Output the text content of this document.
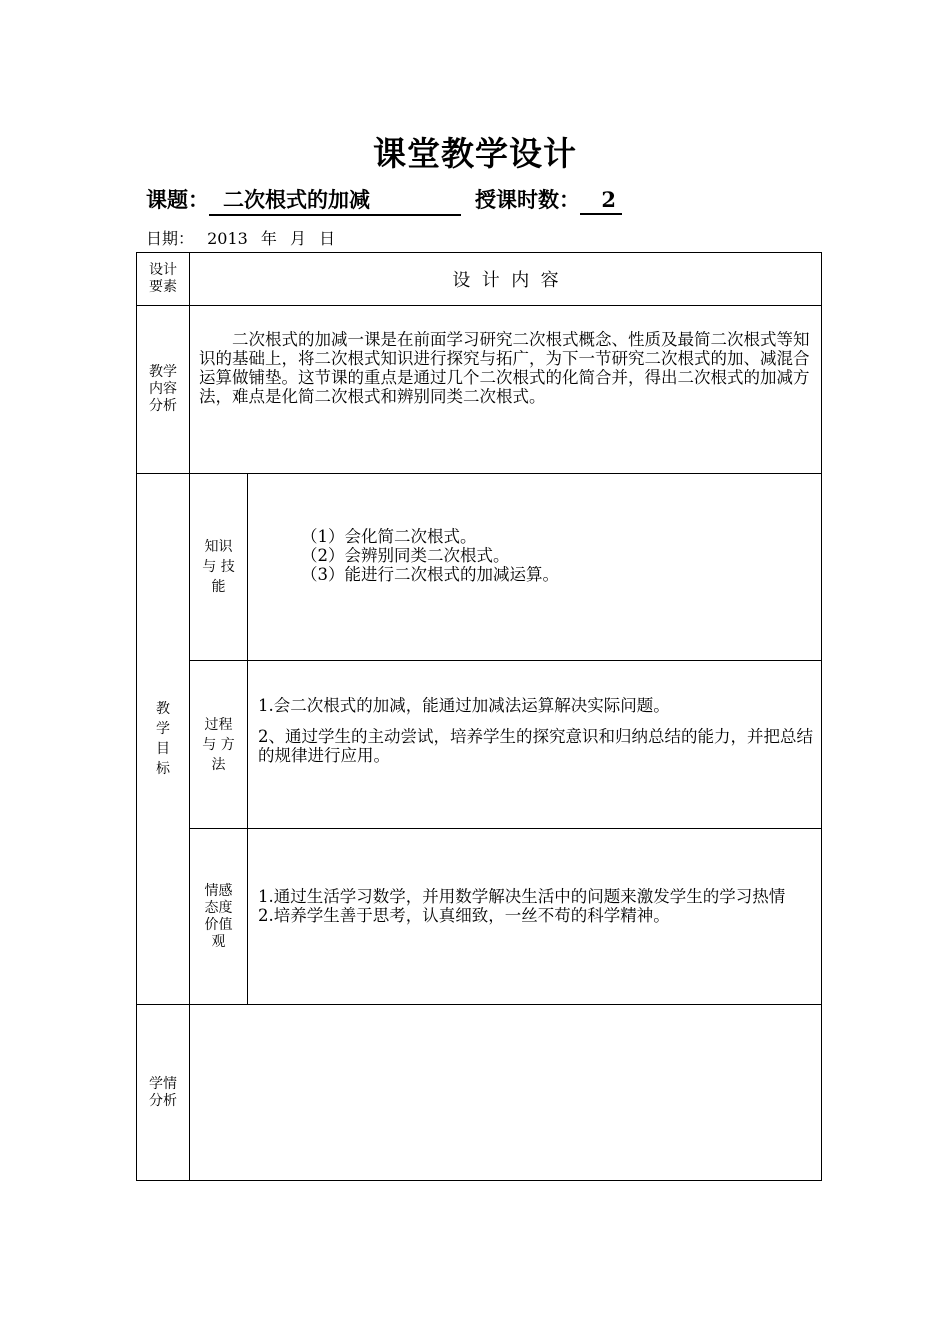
课堂教学设计
课题： 二次根式的加减	授课时数： 2
日期： 2013 年 月 日
设计
要素	设  计  内  容
教学
内容
分析
二次根式的加减一课是在前面学习研究二次根式概念、性质及最简二次根式等知识的基础上，将二次根式知识进行探究与拓广，为下一节研究二次根式的加、减混合运算做铺垫。这节课的重点是通过几个二次根式的化简合并，得出二次根式的加减方法，难点是化简二次根式和辨别同类二次根式。
教
学
目
标
知识
与 技
能
（1）会化简二次根式。
（2）会辨别同类二次根式。
（3）能进行二次根式的加减运算。
过程
与 方
法
1.会二次根式的加减，能通过加减法运算解决实际问题。
2、通过学生的主动尝试，培养学生的探究意识和归纳总结的能力，并把总结的规律进行应用。
情感
态度
价值
观
1.通过生活学习数学，并用数学解决生活中的问题来激发学生的学习热情
2.培养学生善于思考，认真细致，一丝不苟的科学精神。
学情
分析
